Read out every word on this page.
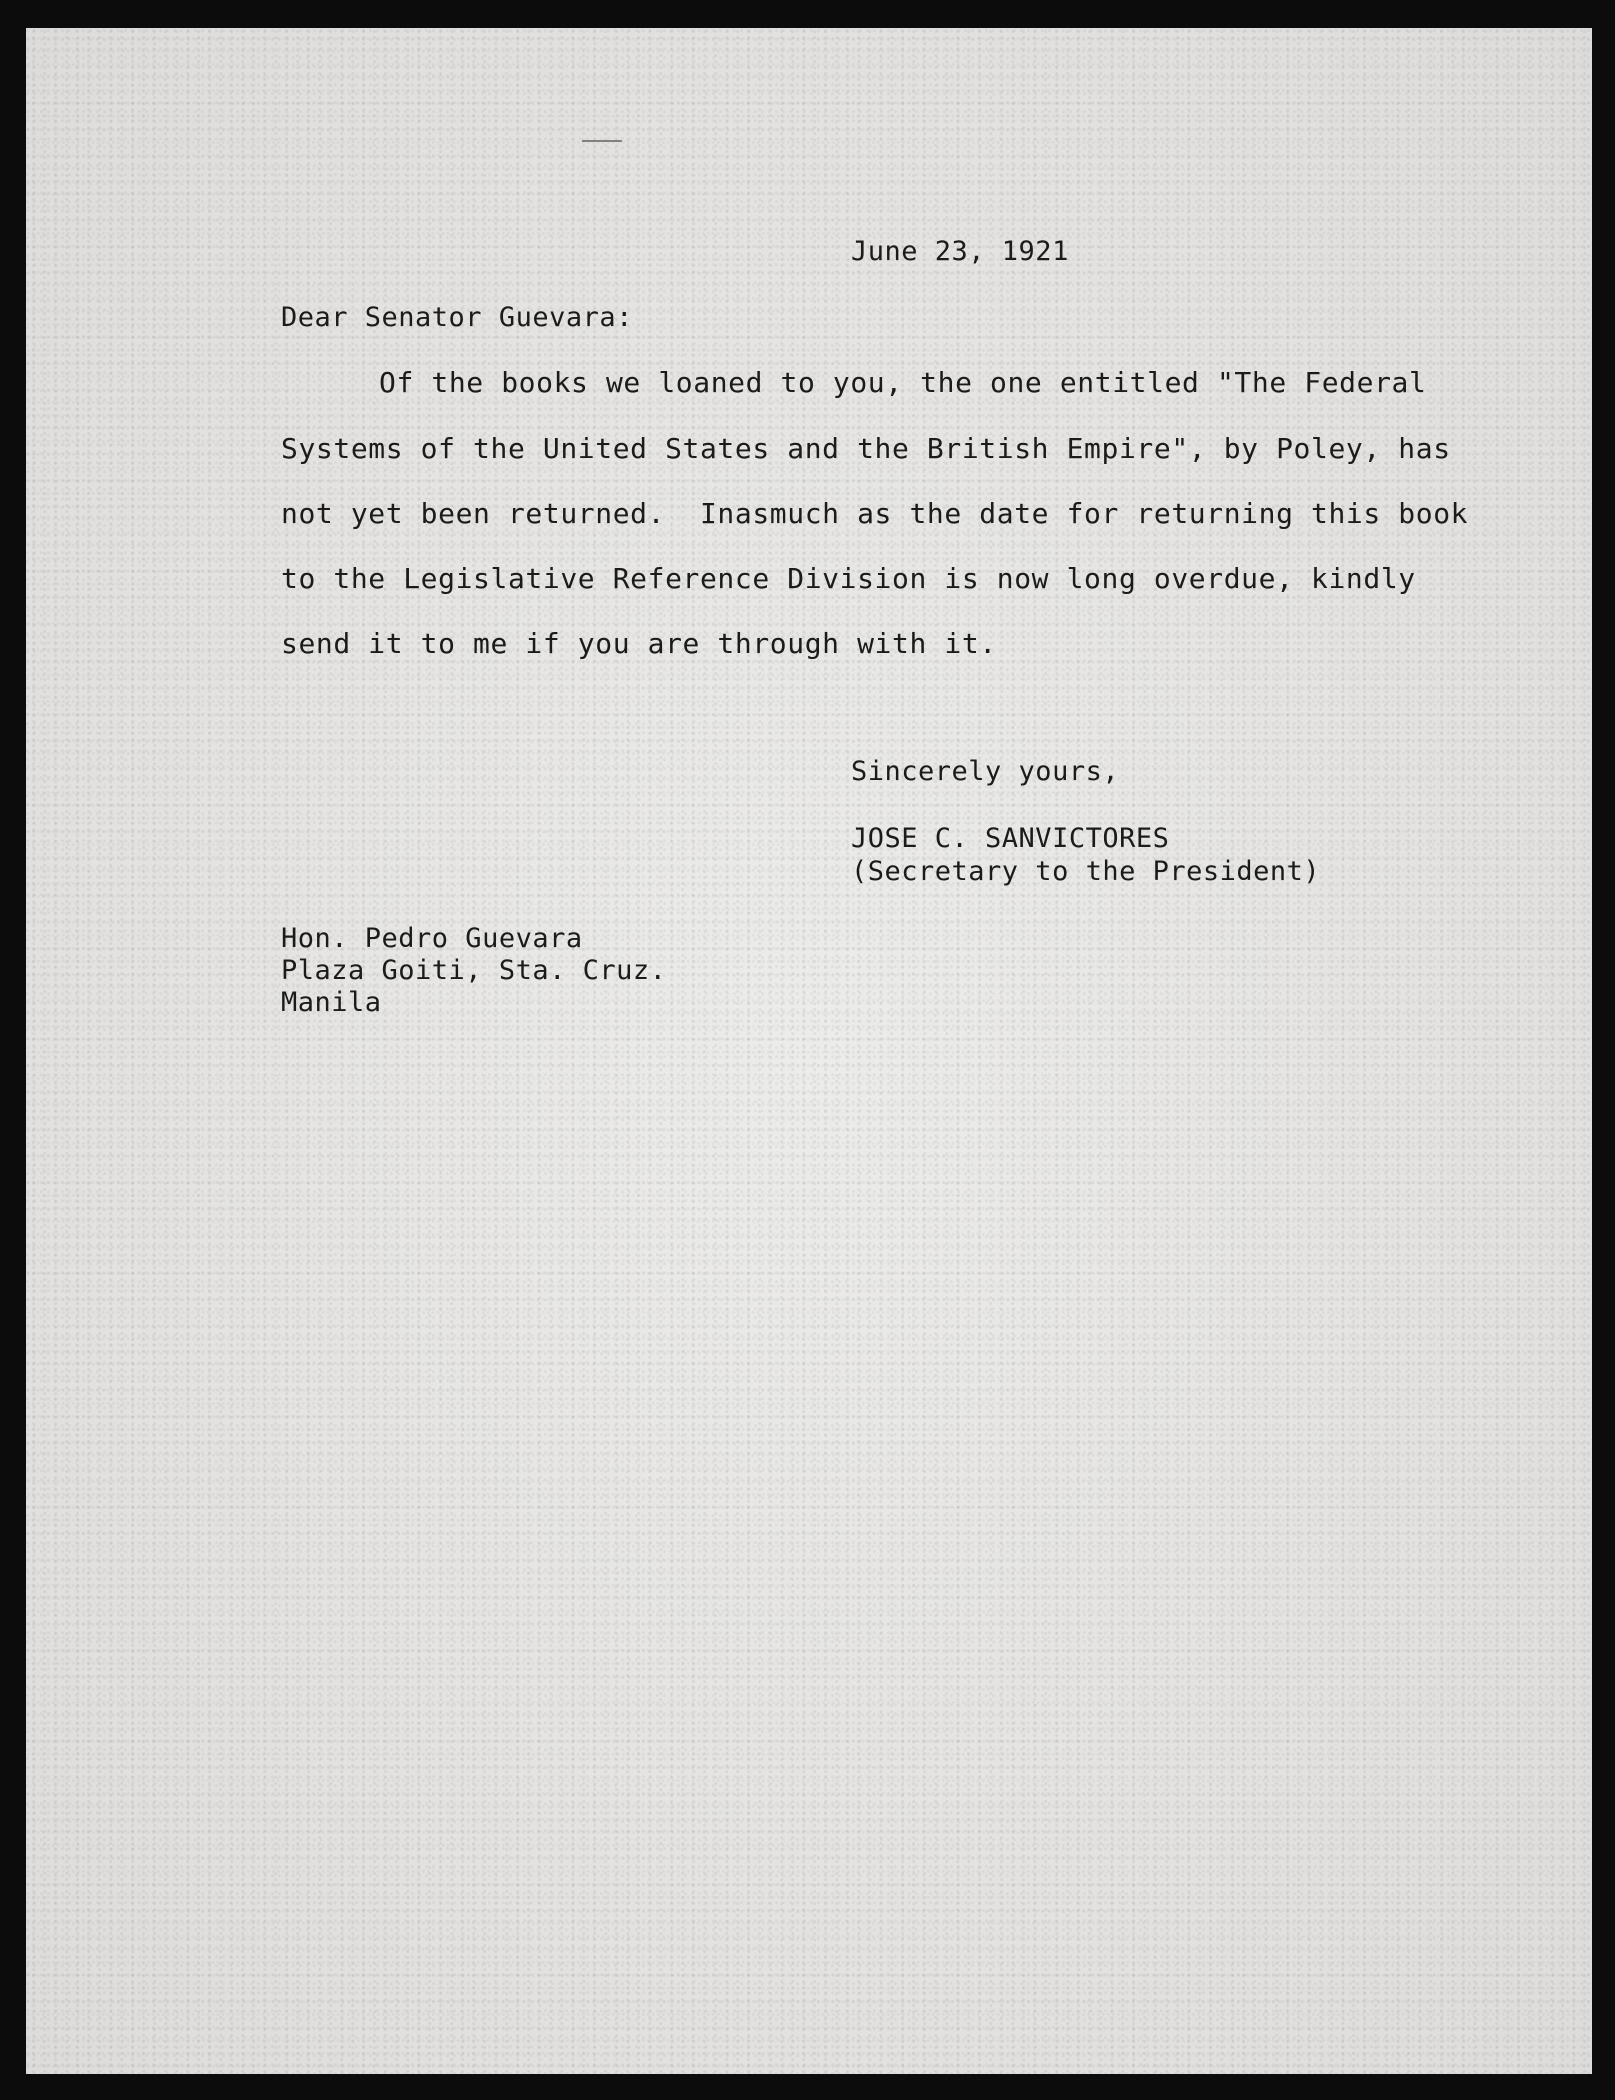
June 23, 1921

Dear Senator Guevara:

Of the books we loaned to you, the one entitled "The Federal

Systems of the United States and the British Empire", by Poley, has

not yet been returned.  Inasmuch as the date for returning this book

to the Legislative Reference Division is now long overdue, kindly

send it to me if you are through with it.

Sincerely yours,

JOSE C. SANVICTORES

(Secretary to the President)

Hon. Pedro Guevara

Plaza Goiti, Sta. Cruz.

Manila
